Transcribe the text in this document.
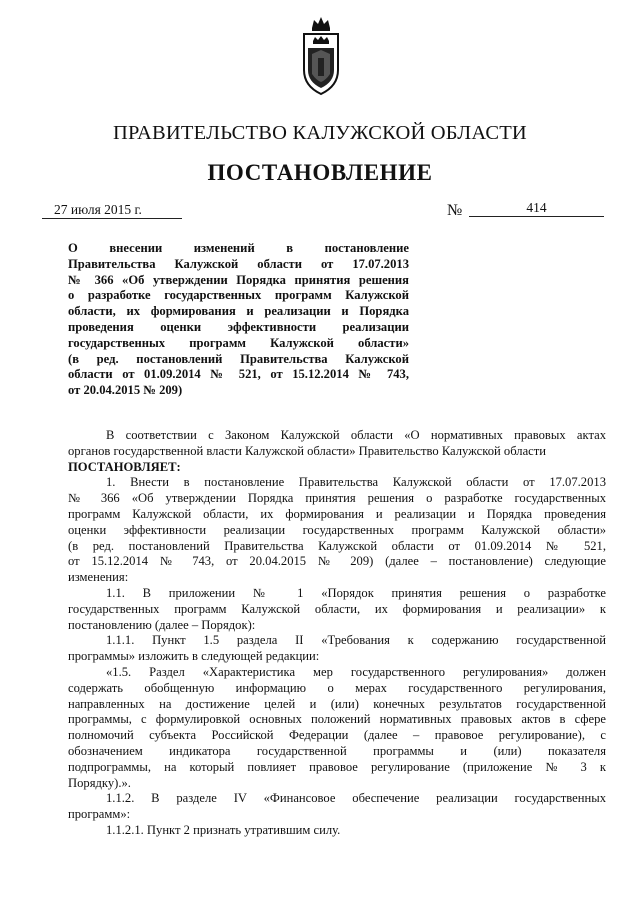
ПРАВИТЕЛЬСТВО КАЛУЖСКОЙ ОБЛАСТИ
ПОСТАНОВЛЕНИЕ
27 июля 2015 г.	№	414
О внесении изменений в постановление
Правительства Калужской области от 17.07.2013
№ 366 «Об утверждении Порядка принятия решения
о разработке государственных программ Калужской
области, их формирования и реализации и Порядка
проведения оценки эффективности реализации
государственных программ Калужской области»
(в ред. постановлений Правительства Калужской
области от 01.09.2014 № 521, от 15.12.2014 № 743,
от 20.04.2015 № 209)
В соответствии с Законом Калужской области «О нормативных правовых актах
органов государственной власти Калужской области» Правительство Калужской области
ПОСТАНОВЛЯЕТ:
1. Внести в постановление Правительства Калужской области от 17.07.2013
№ 366 «Об утверждении Порядка принятия решения о разработке государственных
программ Калужской области, их формирования и реализации и Порядка проведения
оценки эффективности реализации государственных программ Калужской области»
(в ред. постановлений Правительства Калужской области от 01.09.2014 № 521,
от 15.12.2014 № 743, от 20.04.2015 № 209) (далее – постановление) следующие
изменения:
1.1. В приложении № 1 «Порядок принятия решения о разработке
государственных программ Калужской области, их формирования и реализации» к
постановлению (далее – Порядок):
1.1.1. Пункт 1.5 раздела II «Требования к содержанию государственной
программы» изложить в следующей редакции:
«1.5. Раздел «Характеристика мер государственного регулирования» должен
содержать обобщенную информацию о мерах государственного регулирования,
направленных на достижение целей и (или) конечных результатов государственной
программы, с формулировкой основных положений нормативных правовых актов в сфере
полномочий субъекта Российской Федерации (далее – правовое регулирование), с
обозначением индикатора государственной программы и (или) показателя
подпрограммы, на который повлияет правовое регулирование (приложение № 3 к
Порядку).».
1.1.2. В разделе IV «Финансовое обеспечение реализации государственных
программ»:
1.1.2.1. Пункт 2 признать утратившим силу.
